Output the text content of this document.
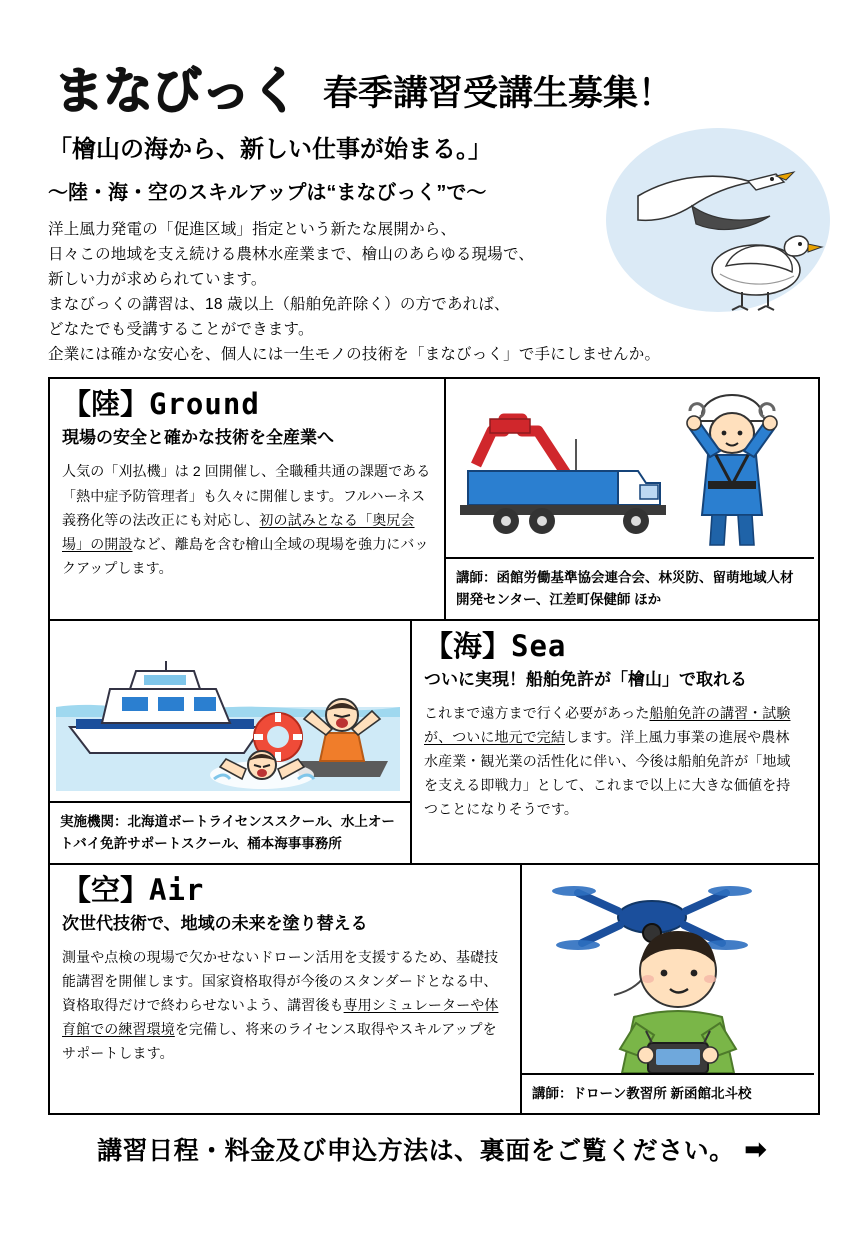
まなびっく 春季講習受講生募集！
「檜山の海から、新しい仕事が始まる。」
〜陸・海・空のスキルアップは“まなびっく”で〜
洋上風力発電の「促進区域」指定という新たな展開から、
日々この地域を支え続ける農林水産業まで、檜山のあらゆる現場で、
新しい力が求められています。
まなびっくの講習は、18 歳以上（船舶免許除く）の方であれば、
どなたでも受講することができます。
企業には確かな安心を、個人には一生モノの技術を「まなびっく」で手にしませんか。
【陸】Ground
現場の安全と確かな技術を全産業へ
人気の「刈払機」は 2 回開催し、全職種共通の課題である「熱中症予防管理者」も久々に開催します。フルハーネス義務化等の法改正にも対応し、初の試みとなる「奥尻会場」の開設など、離島を含む檜山全域の現場を強力にバックアップします。
講師：函館労働基準協会連合会、林災防、留萌地域人材開発センター、江差町保健師 ほか
実施機関：北海道ボートライセンススクール、水上オートバイ免許サポートスクール、桶本海事事務所
【海】Sea
ついに実現！船舶免許が「檜山」で取れる
これまで遠方まで行く必要があった船舶免許の講習・試験が、ついに地元で完結します。洋上風力事業の進展や農林水産業・観光業の活性化に伴い、今後は船舶免許が「地域を支える即戦力」として、これまで以上に大きな価値を持つことになりそうです。
【空】Air
次世代技術で、地域の未来を塗り替える
測量や点検の現場で欠かせないドローン活用を支援するため、基礎技能講習を開催します。国家資格取得が今後のスタンダードとなる中、資格取得だけで終わらせないよう、講習後も専用シミュレーターや体育館での練習環境を完備し、将来のライセンス取得やスキルアップをサポートします。
講師：ドローン教習所 新函館北斗校
講習日程・料金及び申込方法は、裏面をご覧ください。 ➡
